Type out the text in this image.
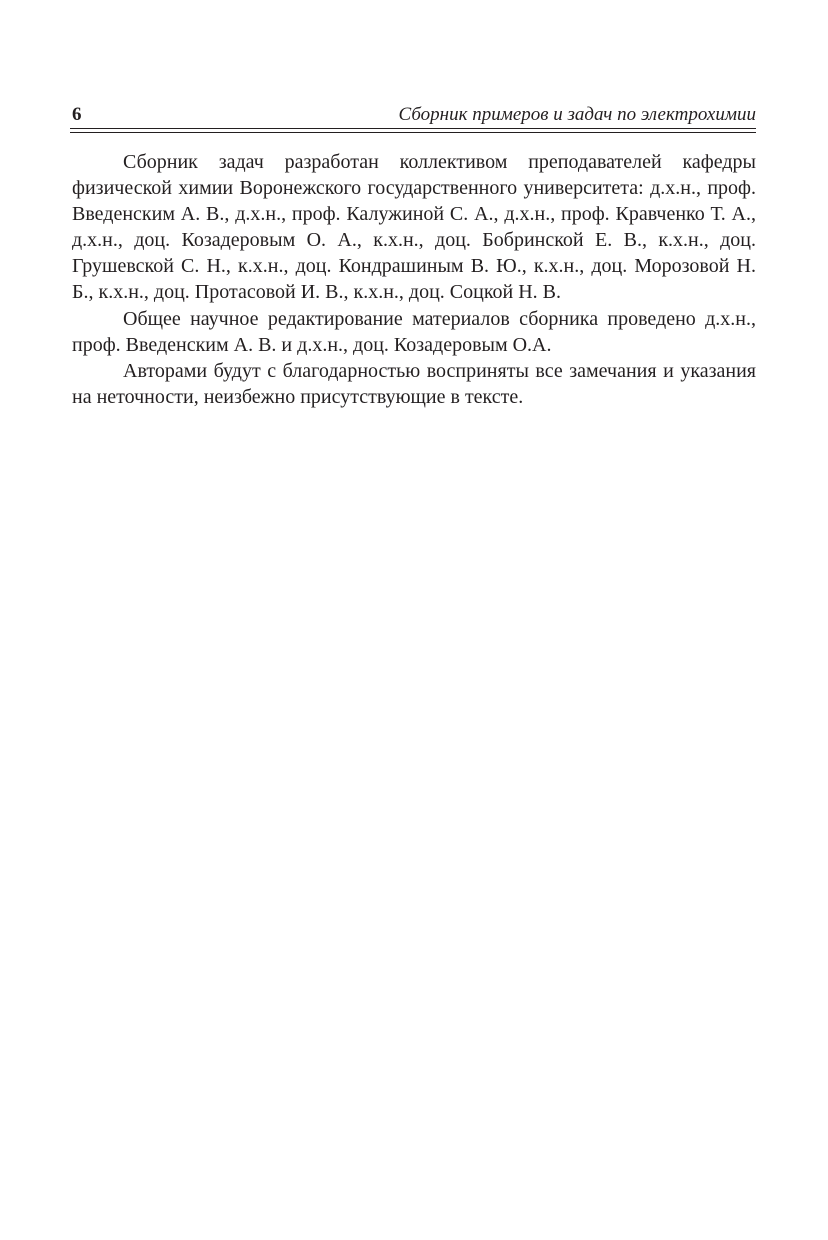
6	Сборник примеров и задач по электрохимии

Сборник задач разработан коллективом преподавателей кафедры физической химии Воронежского государственного университета: д.х.н., проф. Введенским А. В., д.х.н., проф. Калужиной С. А., д.х.н., проф. Кравченко Т. А., д.х.н., доц. Козадеровым О. А., к.х.н., доц. Бобринской Е. В., к.х.н., доц. Грушевской С. Н., к.х.н., доц. Кондрашиным В. Ю., к.х.н., доц. Морозовой Н. Б., к.х.н., доц. Протасовой И. В., к.х.н., доц. Соцкой Н. В.

Общее научное редактирование материалов сборника проведено д.х.н., проф. Введенским А. В. и д.х.н., доц. Козадеровым О.А.

Авторами будут с благодарностью восприняты все замечания и указания на неточности, неизбежно присутствующие в тексте.
